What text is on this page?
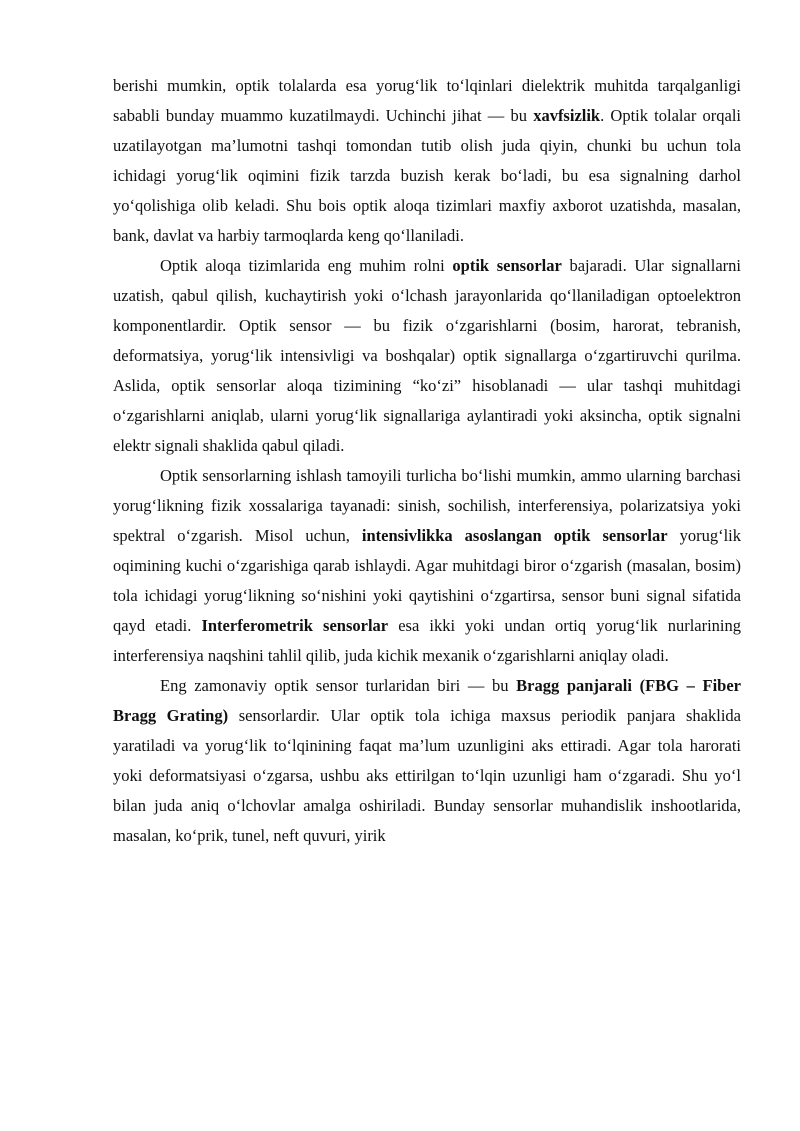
berishi mumkin, optik tolalarda esa yorug‘lik to‘lqinlari dielektrik muhitda tarqalganligi sababli bunday muammo kuzatilmaydi. Uchinchi jihat — bu xavfsizlik. Optik tolalar orqali uzatilayotgan ma’lumotni tashqi tomondan tutib olish juda qiyin, chunki bu uchun tola ichidagi yorug‘lik oqimini fizik tarzda buzish kerak bo‘ladi, bu esa signalning darhol yo‘qolishiga olib keladi. Shu bois optik aloqa tizimlari maxfiy axborot uzatishda, masalan, bank, davlat va harbiy tarmoqlarda keng qo‘llaniladi.

Optik aloqa tizimlarida eng muhim rolni optik sensorlar bajaradi. Ular signallarni uzatish, qabul qilish, kuchaytirish yoki o‘lchash jarayonlarida qo‘llaniladigan optoelektron komponentlardir. Optik sensor — bu fizik o‘zgarishlarni (bosim, harorat, tebranish, deformatsiya, yorug‘lik intensivligi va boshqalar) optik signallarga o‘zgartiruvchi qurilma. Aslida, optik sensorlar aloqa tizimining “ko‘zi” hisoblanadi — ular tashqi muhitdagi o‘zgarishlarni aniqlab, ularni yorug‘lik signallariga aylantiradi yoki aksincha, optik signalni elektr signali shaklida qabul qiladi.

Optik sensorlarning ishlash tamoyili turlicha bo‘lishi mumkin, ammo ularning barchasi yorug‘likning fizik xossalariga tayanadi: sinish, sochilish, interferensiya, polarizatsiya yoki spektral o‘zgarish. Misol uchun, intensivlikka asoslangan optik sensorlar yorug‘lik oqimining kuchi o‘zgarishiga qarab ishlaydi. Agar muhitdagi biror o‘zgarish (masalan, bosim) tola ichidagi yorug‘likning so‘nishini yoki qaytishini o‘zgartirsa, sensor buni signal sifatida qayd etadi. Interferometrik sensorlar esa ikki yoki undan ortiq yorug‘lik nurlarining interferensiya naqshini tahlil qilib, juda kichik mexanik o‘zgarishlarni aniqlay oladi.

Eng zamonaviy optik sensor turlaridan biri — bu Bragg panjarali (FBG – Fiber Bragg Grating) sensorlardir. Ular optik tola ichiga maxsus periodik panjara shaklida yaratiladi va yorug‘lik to‘lqinining faqat ma’lum uzunligini aks ettiradi. Agar tola harorati yoki deformatsiyasi o‘zgarsa, ushbu aks ettirilgan to‘lqin uzunligi ham o‘zgaradi. Shu yo‘l bilan juda aniq o‘lchovlar amalga oshiriladi. Bunday sensorlar muhandislik inshootlarida, masalan, ko‘prik, tunel, neft quvuri, yirik
